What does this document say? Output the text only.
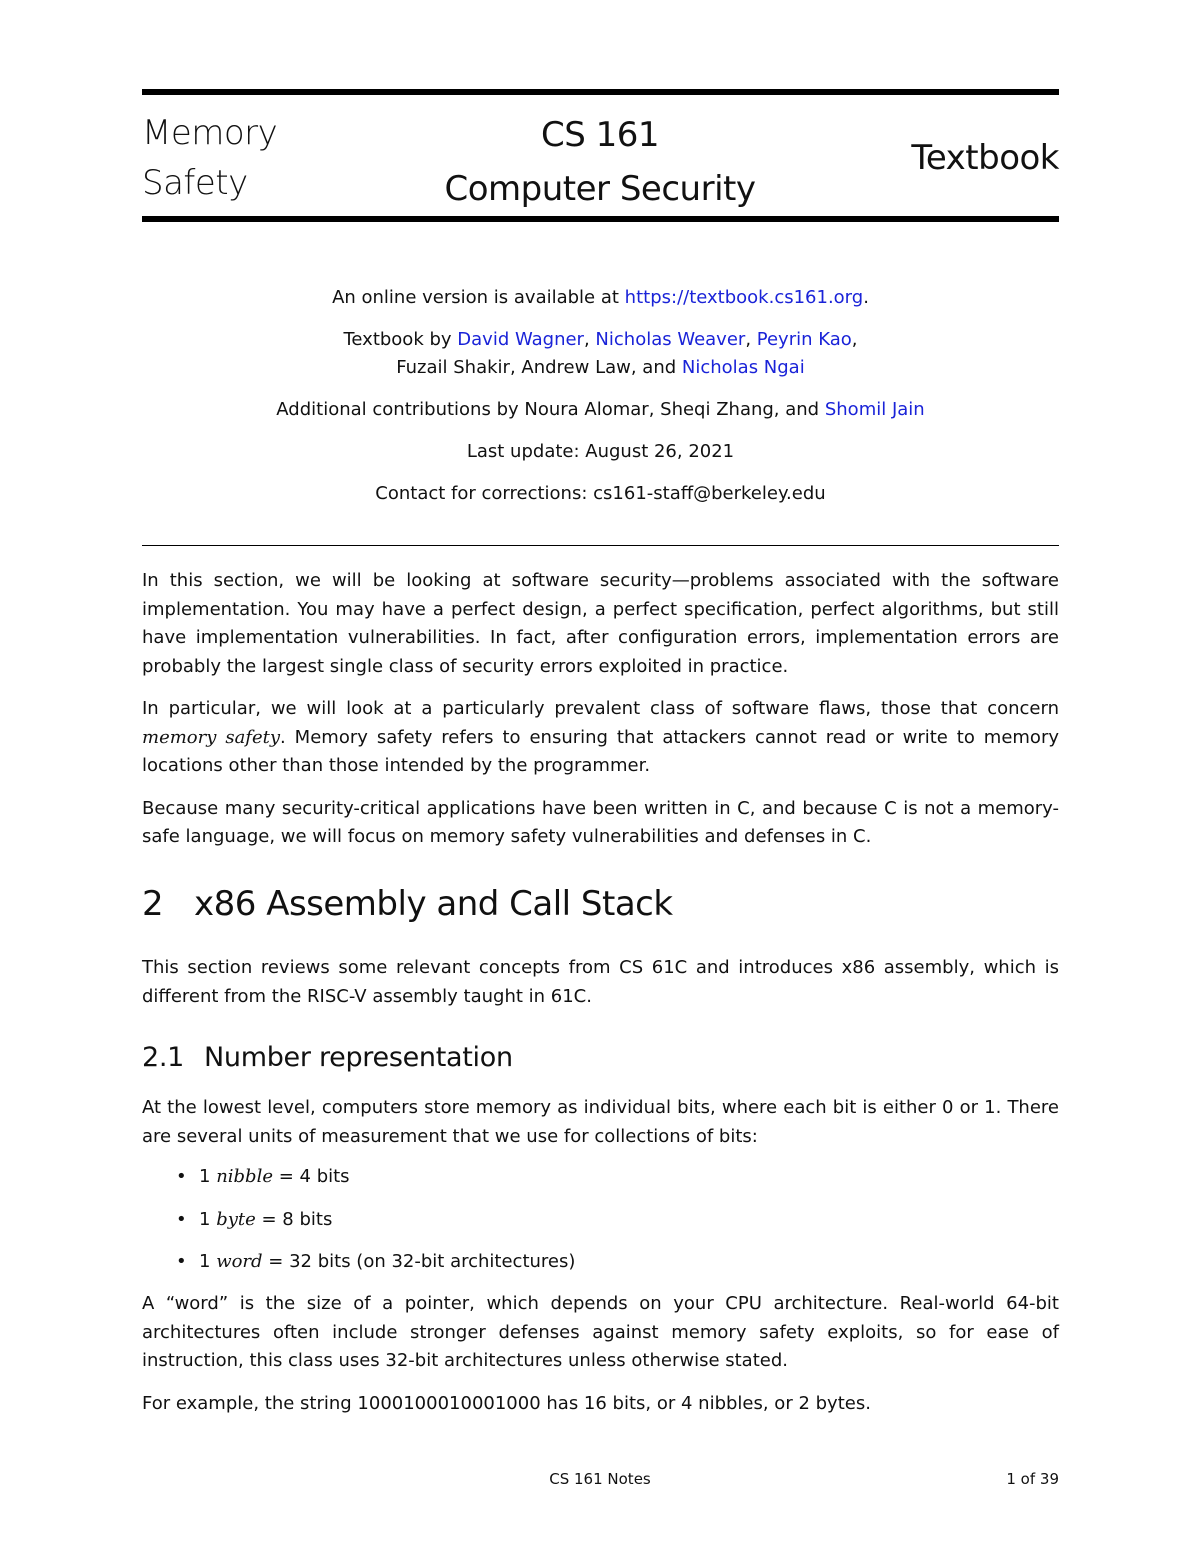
Memory
Safety
CS 161
Computer Security
Textbook

An online version is available at https://textbook.cs161.org.

Textbook by David Wagner, Nicholas Weaver, Peyrin Kao,
Fuzail Shakir, Andrew Law, and Nicholas Ngai

Additional contributions by Noura Alomar, Sheqi Zhang, and Shomil Jain

Last update: August 26, 2021

Contact for corrections: cs161-staff@berkeley.edu

In this section, we will be looking at software security—problems associated with the software implementation. You may have a perfect design, a perfect specification, perfect algorithms, but still have implementation vulnerabilities. In fact, after configuration errors, implementation errors are probably the largest single class of security errors exploited in practice.

In particular, we will look at a particularly prevalent class of software flaws, those that concern memory safety. Memory safety refers to ensuring that attackers cannot read or write to memory locations other than those intended by the programmer.

Because many security-critical applications have been written in C, and because C is not a memory-safe language, we will focus on memory safety vulnerabilities and defenses in C.

2 x86 Assembly and Call Stack

This section reviews some relevant concepts from CS 61C and introduces x86 assembly, which is different from the RISC-V assembly taught in 61C.

2.1 Number representation

At the lowest level, computers store memory as individual bits, where each bit is either 0 or 1. There are several units of measurement that we use for collections of bits:

• 1 nibble = 4 bits
• 1 byte = 8 bits
• 1 word = 32 bits (on 32-bit architectures)

A “word” is the size of a pointer, which depends on your CPU architecture. Real-world 64-bit architectures often include stronger defenses against memory safety exploits, so for ease of instruction, this class uses 32-bit architectures unless otherwise stated.

For example, the string 1000100010001000 has 16 bits, or 4 nibbles, or 2 bytes.

CS 161 Notes	1 of 39
